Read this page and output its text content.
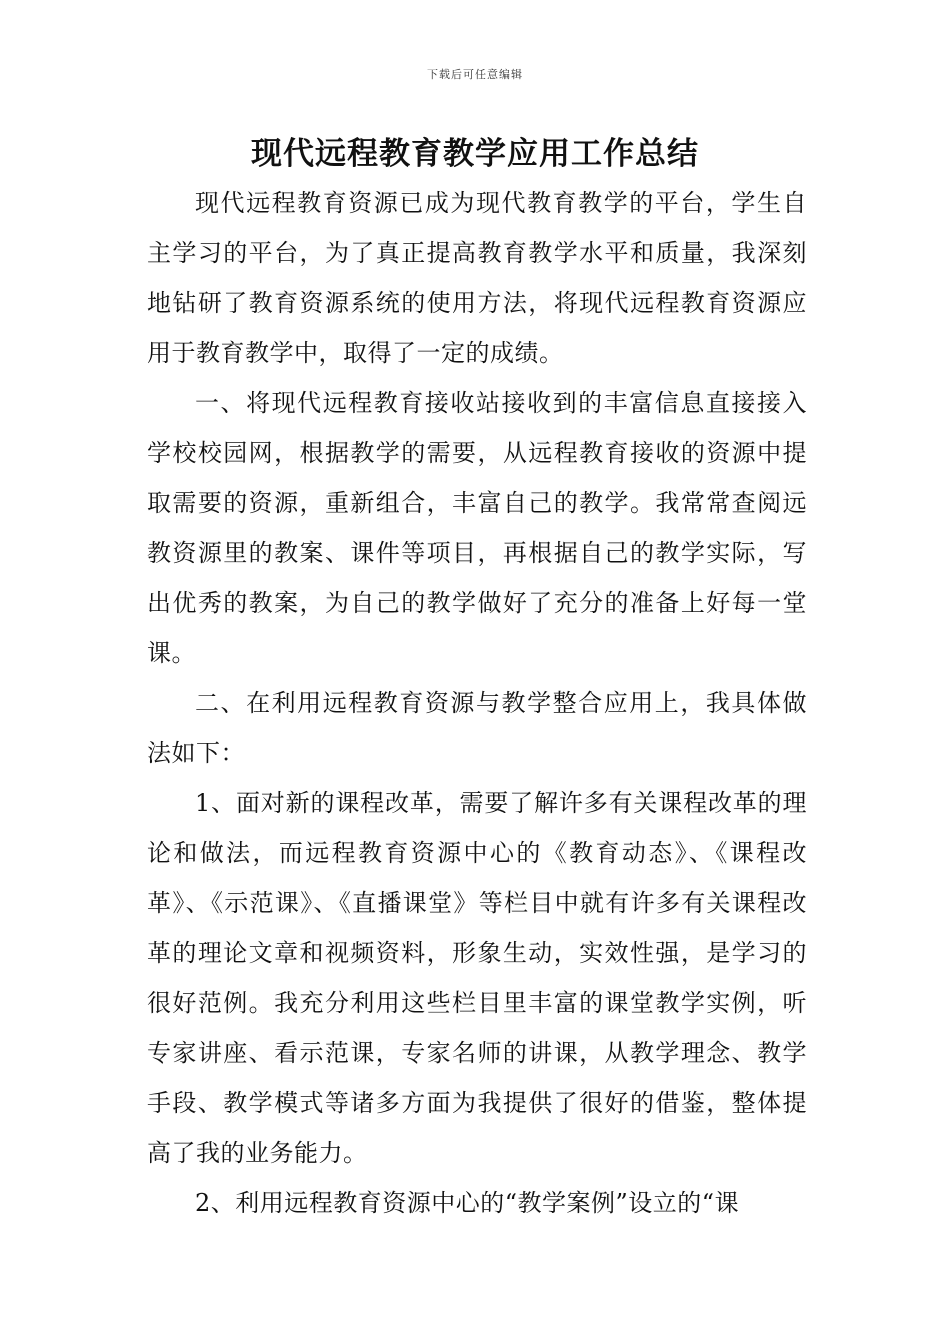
下载后可任意编辑
现代远程教育教学应用工作总结

现代远程教育资源已成为现代教育教学的平台，学生自主学习的平台，为了真正提高教育教学水平和质量，我深刻地钻研了教育资源系统的使用方法，将现代远程教育资源应用于教育教学中，取得了一定的成绩。

一、将现代远程教育接收站接收到的丰富信息直接接入学校校园网，根据教学的需要，从远程教育接收的资源中提取需要的资源，重新组合，丰富自己的教学。我常常查阅远教资源里的教案、课件等项目，再根据自己的教学实际，写出优秀的教案，为自己的教学做好了充分的准备上好每一堂课。

二、在利用远程教育资源与教学整合应用上，我具体做法如下：

1、面对新的课程改革，需要了解许多有关课程改革的理论和做法，而远程教育资源中心的《教育动态》、《课程改革》、《示范课》、《直播课堂》等栏目中就有许多有关课程改革的理论文章和视频资料，形象生动，实效性强，是学习的很好范例。我充分利用这些栏目里丰富的课堂教学实例，听专家讲座、看示范课，专家名师的讲课，从教学理念、教学手段、教学模式等诸多方面为我提供了很好的借鉴，整体提高了我的业务能力。

2、利用远程教育资源中心的“教学案例”设立的“课
